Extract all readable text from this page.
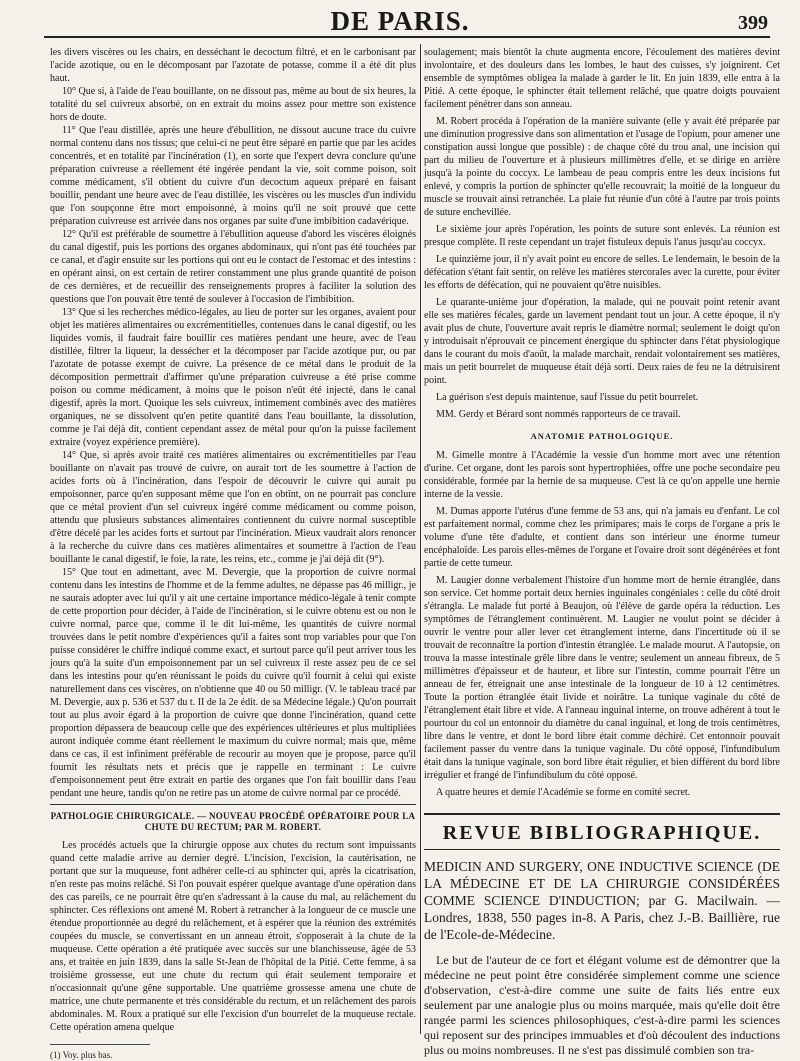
DE PARIS.	399

les divers viscères ou les chairs, en desséchant le decoctum filtré, et en le carbonisant par l'acide azotique, ou en le décomposant par l'azotate de potasse, comme il a été dit plus haut.

10° Que si, à l'aide de l'eau bouillante, on ne dissout pas, même au bout de six heures, la totalité du sel cuivreux absorbé, on en extrait du moins assez pour mettre son existence hors de doute.

11° Que l'eau distillée, après une heure d'ébullition, ne dissout aucune trace du cuivre normal contenu dans nos tissus; que celui-ci ne peut être séparé en partie que par les acides concentrés, et en totalité par l'incinération (1), en sorte que l'expert devra conclure qu'une préparation cuivreuse a réellement été ingérée pendant la vie, soit comme poison, soit comme médicament, s'il obtient du cuivre d'un decoctum aqueux préparé en faisant bouillir, pendant une heure avec de l'eau distillée, les viscères ou les muscles d'un individu que l'on soupçonne être mort empoisonné, à moins qu'il ne soit prouvé que cette préparation cuivreuse est arrivée dans nos organes par suite d'une imbibition cadavérique.

12° Qu'il est préférable de soumettre à l'ébullition aqueuse d'abord les viscères éloignés du canal digestif, puis les portions des organes abdominaux, qui n'ont pas été touchées par ce canal, et d'agir ensuite sur les portions qui ont eu le contact de l'estomac et des intestins : en opérant ainsi, on est certain de retirer constamment une plus grande quantité de poison de ces dernières, et de recueillir des renseignements propres à faciliter la solution des questions que l'on pouvait être tenté de soulever à l'occasion de l'imbibition.

13° Que si les recherches médico-légales, au lieu de porter sur les organes, avaient pour objet les matières alimentaires ou excrémentitielles, contenues dans le canal digestif, ou les liquides vomis, il faudrait faire bouillir ces matières pendant une heure, avec de l'eau distillée, filtrer la liqueur, la dessécher et la décomposer par l'acide azotique pur, ou par l'azotate de potasse exempt de cuivre. La présence de ce métal dans le produit de la décomposition permettrait d'affirmer qu'une préparation cuivreuse a été prise comme poison ou comme médicament, à moins que le poison n'eût été injecté, dans le canal digestif, après la mort. Quoique les sels cuivreux, intimement combinés avec des matières organiques, ne se dissolvent qu'en petite quantité dans l'eau bouillante, la dissolution, comme je l'ai déjà dit, contient cependant assez de métal pour qu'on la puisse facilement extraire (voyez expérience première).

14° Que, si après avoir traité ces matières alimentaires ou excrémentitielles par l'eau bouillante on n'avait pas trouvé de cuivre, on aurait tort de les soumettre à l'action de acides forts où à l'incinération, dans l'espoir de découvrir le cuivre qui aurait pu empoisonner, parce qu'en supposant même que l'on en obtînt, on ne pourrait pas conclure que ce métal provient d'un sel cuivreux ingéré comme médicament ou comme poison, attendu que plusieurs substances alimentaires contiennent du cuivre normal susceptible d'être décelé par les acides forts et surtout par l'incinération. Mieux vaudrait alors renoncer à la recherche du cuivre dans ces matières alimentaires et soumettre à l'action de l'eau bouillante le canal digestif, le foie, la rate, les reins, etc., comme je j'ai déjà dit (9°).

15° Que tout en admettant, avec M. Devergie, que la proportion de cuivre normal contenu dans les intestins de l'homme et de la femme adultes, ne dépasse pas 46 milligr., je ne saurais adopter avec lui qu'il y ait une certaine importance médico-légale à tenir compte de cette proportion pour décider, à l'aide de l'incinération, si le cuivre obtenu est ou non le cuivre normal, parce que, comme il le dit lui-même, les quantités de cuivre normal trouvées dans le petit nombre d'expériences qu'il a faites sont trop variables pour que l'on puisse considérer le chiffre indiqué comme exact, et surtout parce qu'il peut arriver tous les jours qu'à la suite d'un empoisonnement par un sel cuivreux il reste assez peu de ce sel dans les intestins pour qu'en réunissant le poids du cuivre qu'il fournit à celui qui existe naturellement dans ces viscères, on n'obtienne que 40 ou 50 milligr. (V. le tableau tracé par M. Devergie, aux p. 536 et 537 du t. II de la 2e édit. de sa Médecine légale.) Qu'on pourrait tout au plus avoir égard à la proportion de cuivre que donne l'incinération, quand cette proportion dépassera de beaucoup celle que des expériences ultérieures et plus multipliées auront indiquée comme étant réellement le maximum du cuivre normal; mais que, même dans ce cas, il est infiniment préférable de recourir au moyen que je propose, parce qu'il fournit les résultats nets et précis que je rappelle en terminant : Le cuivre d'empoisonnement peut être extrait en partie des organes que l'on fait bouillir dans l'eau pendant une heure, tandis qu'on ne retire pas un atome de cuivre normal par ce procédé.

PATHOLOGIE CHIRURGICALE. — NOUVEAU PROCÉDÉ OPÉRATOIRE POUR LA CHUTE DU RECTUM; PAR M. ROBERT.

Les procédés actuels que la chirurgie oppose aux chutes du rectum sont impuissants quand cette maladie arrive au dernier degré. L'incision, l'excision, la cautérisation, ne portant que sur la muqueuse, font adhérer celle-ci au sphincter qui, après la cicatrisation, n'en reste pas moins relâché. Si l'on pouvait espérer quelque avantage d'une opération dans des cas pareils, ce ne pourrait être qu'en s'adressant à la cause du mal, au relâchement du sphincter. Ces réflexions ont amené M. Robert à retrancher à la longueur de ce muscle une étendue proportionnée au degré du relâchement, et à espérer que la réunion des extrémités coupées du muscle, se convertissant en un anneau étroit, s'opposerait à la chute de la muqueuse. Cette opération a été pratiquée avec succès sur une blanchisseuse, âgée de 53 ans, et traitée en juin 1839, dans la salle St-Jean de l'hôpital de la Pitié. Cette femme, à sa troisième grossesse, eut une chute du rectum qui était seulement temporaire et n'occasionnait qu'une gêne supportable. Une quatrième grossesse amena une chute de matrice, une chute permanente et très considérable du rectum, et un relâchement des parois abdominales. M. Roux a pratiqué sur elle l'excision d'un bourrelet de la muqueuse rectale. Cette opération amena quelque

(1) Voy. plus bas.

soulagement; mais bientôt la chute augmenta encore, l'écoulement des matières devint involontaire, et des douleurs dans les lombes, le haut des cuisses, s'y joignirent. Cet ensemble de symptômes obligea la malade à garder le lit. En juin 1839, elle entra à la Pitié. A cette époque, le sphincter était tellement relâché, que quatre doigts pouvaient facilement pénétrer dans son anneau.

M. Robert procéda à l'opération de la manière suivante (elle y avait été préparée par une diminution progressive dans son alimentation et l'usage de l'opium, pour amener une constipation aussi longue que possible) : de chaque côté du trou anal, une incision qui part du milieu de l'ouverture et à plusieurs millimètres d'elle, et se dirige en arrière jusqu'à la pointe du coccyx. Le lambeau de peau compris entre les deux incisions fut enlevé, y compris la portion de sphincter qu'elle recouvrait; la moitié de la longueur du muscle se trouvait ainsi retranchée. La plaie fut réunie d'un côté à l'autre par trois points de suture enchevillée.

Le sixième jour après l'opération, les points de suture sont enlevés. La réunion est presque complète. Il reste cependant un trajet fistuleux depuis l'anus jusqu'au coccyx.

Le quinzième jour, il n'y avait point eu encore de selles. Le lendemain, le besoin de la défécation s'étant fait sentir, on relève les matières stercorales avec la curette, pour éviter les efforts de défécation, qui ne pouvaient qu'être nuisibles.

Le quarante-unième jour d'opération, la malade, qui ne pouvait point retenir avant elle ses matières fécales, garde un lavement pendant tout un jour. A cette époque, il n'y avait plus de chute, l'ouverture avait repris le diamètre normal; seulement le doigt qu'on y introduisait n'éprouvait ce pincement énergique du sphincter dans l'état physiologique dans le courant du mois d'août, la malade marchait, rendait volontairement ses matières, mais un petit bourrelet de muqueuse était déjà sorti. Deux raies de feu ne la détruisirent point.

La guérison s'est depuis maintenue, sauf l'issue du petit bourrelet.

MM. Gerdy et Bérard sont nommés rapporteurs de ce travail.

ANATOMIE PATHOLOGIQUE.

M. Gimelle montre à l'Académie la vessie d'un homme mort avec une rétention d'urine. Cet organe, dont les parois sont hypertrophiées, offre une poche secondaire peu considérable, formée par la hernie de sa muqueuse. C'est là ce qu'on appelle une hernie interne de la vessie.

M. Dumas apporte l'utérus d'une femme de 53 ans, qui n'a jamais eu d'enfant. Le col est parfaitement normal, comme chez les primipares; mais le corps de l'organe a pris le volume d'une tête d'adulte, et contient dans son intérieur une énorme tumeur encéphaloïde. Les parois elles-mêmes de l'organe et l'ovaire droit sont dégénérées et font partie de cette tumeur.

M. Laugier donne verbalement l'histoire d'un homme mort de hernie étranglée, dans son service. Cet homme portait deux hernies inguinales congéniales : celle du côté droit s'étrangla. Le malade fut porté à Beaujon, où l'élève de garde opéra la réduction. Les symptômes de l'étranglement continuèrent. M. Laugier ne voulut point se décider à ouvrir le ventre pour aller lever cet étranglement interne, dans l'incertitude où il se trouvait de reconnaître la portion d'intestin étranglée. Le malade mourut. A l'autopsie, on trouva la masse intestinale grêle libre dans le ventre; seulement un anneau fibreux, de 5 millimètres d'épaisseur et de hauteur, et libre sur l'intestin, comme pourrait l'être un anneau de fer, étreignait une anse intestinale de la longueur de 10 à 12 centimètres. Toute la portion étranglée était livide et noirâtre. La tunique vaginale du côté de l'étranglement était libre et vide. A l'anneau inguinal interne, on trouve adhérent à tout le pourtour du col un entonnoir du diamètre du canal inguinal, et long de trois centimètres, libre dans le ventre, et dont le bord libre était comme déchiré. Cet entonnoir pouvait facilement passer du ventre dans la tunique vaginale. Du côté opposé, l'infundibulum était dans la tunique vaginale, son bord libre était régulier, et bien différent du bord libre irrégulier et frangé de l'infundibulum du côté opposé.

A quatre heures et demie l'Académie se forme en comité secret.

REVUE BIBLIOGRAPHIQUE.

MEDICIN AND SURGERY, ONE INDUCTIVE SCIENCE (DE LA MÉDECINE ET DE LA CHIRURGIE CONSIDÉRÉES COMME SCIENCE D'INDUCTION; par G. Macilwain. — Londres, 1838, 550 pages in-8. A Paris, chez J.-B. Baillière, rue de l'Ecole-de-Médecine.

Le but de l'auteur de ce fort et élégant volume est de démontrer que la médecine ne peut point être considérée simplement comme une science d'observation, c'est-à-dire comme une suite de faits liés entre eux seulement par une analogie plus ou moins marquée, mais qu'elle doit être rangée parmi les sciences philosophiques, c'est-à-dire parmi les sciences qui reposent sur des principes immuables et d'où découlent des inductions plus ou moins nombreuses. Il ne s'est pas dissimulé combien son tra-
